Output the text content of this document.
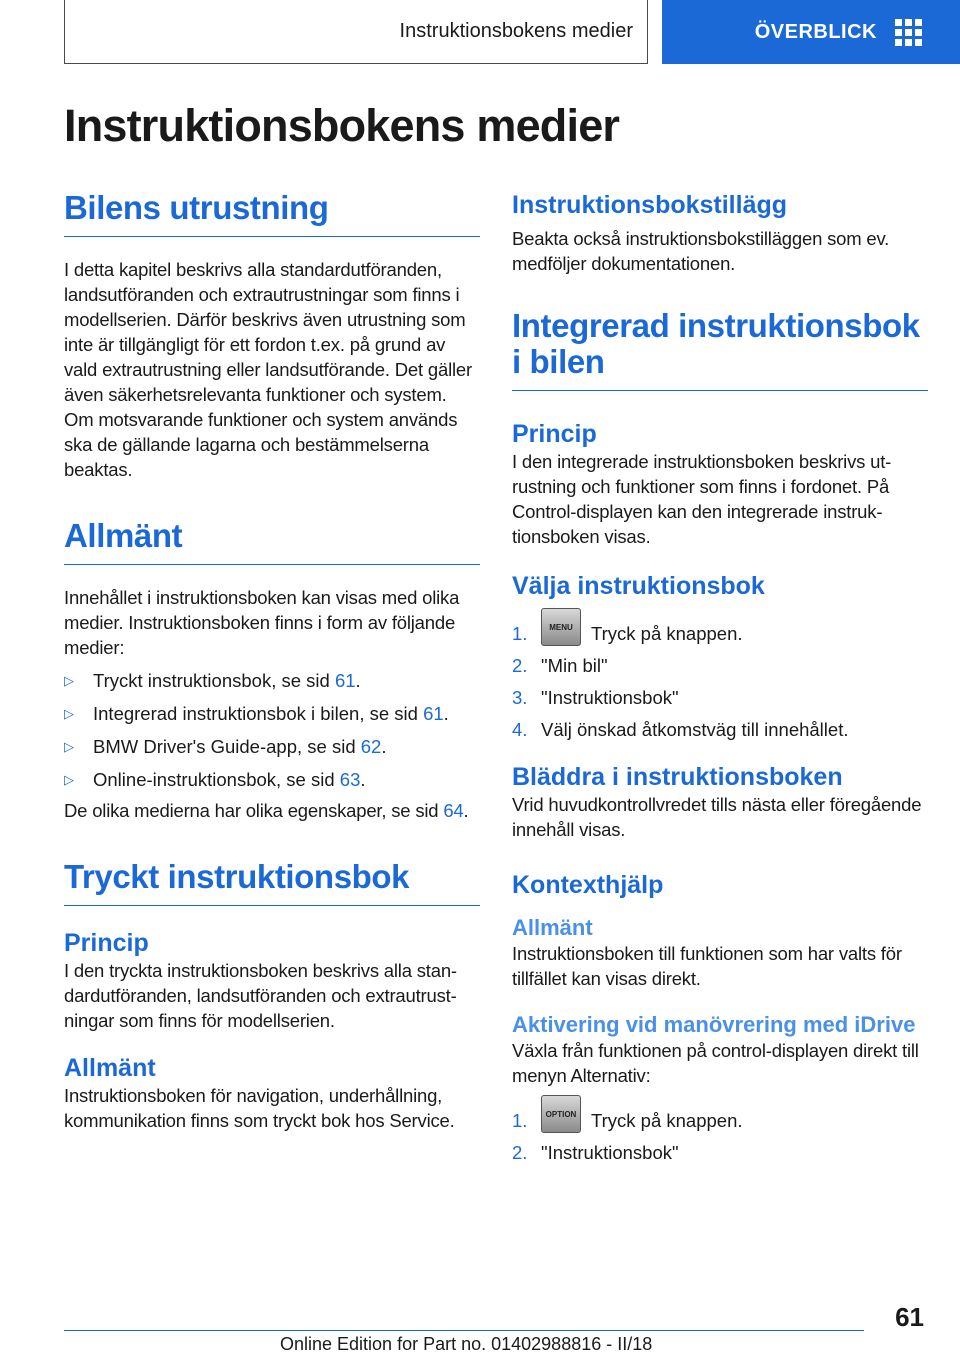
Instruktionsbokens medier	ÖVERBLICK
Instruktionsbokens medier
Bilens utrustning

I detta kapitel beskrivs alla standardutföranden, landsutföranden och extrautrustningar som finns i modellserien. Därför beskrivs även utrustning som inte är tillgängligt för ett fordon t.ex. på grund av vald extrautrustning eller landsutförande. Det gäller även säkerhetsrelevanta funktioner och system. Om motsvarande funktioner och system används ska de gällande lagarna och bestämmelserna beaktas.

Allmänt

Innehållet i instruktionsboken kan visas med olika medier. Instruktionsboken finns i form av följande medier:

▷	Tryckt instruktionsbok, se sid 61.
▷	Integrerad instruktionsbok i bilen, se sid 61.
▷	BMW Driver's Guide-app, se sid 62.
▷	Online-instruktionsbok, se sid 63.

De olika medierna har olika egenskaper, se sid 64.

Tryckt instruktionsbok
Princip

I den tryckta instruktionsboken beskrivs alla standardutföranden, landsutföranden och extrautrustningar som finns för modellserien.

Allmänt

Instruktionsboken för navigation, underhållning, kommunikation finns som tryckt bok hos Service.

Instruktionsbokstillägg

Beakta också instruktionsbokstilläggen som ev. medföljer dokumentationen.

Integrerad instruktionsbok i bilen
Princip

I den integrerade instruktionsboken beskrivs utrustning och funktioner som finns i fordonet. På Control-displayen kan den integrerade instruktionsboken visas.

Välja instruktionsbok
1.	MENU Tryck på knappen.
2. "Min bil"
3. "Instruktionsbok"
4. Välj önskad åtkomstväg till innehållet.
Bläddra i instruktionsboken

Vrid huvudkontrollvredet tills nästa eller föregående innehåll visas.

Kontexthjälp
Allmänt

Instruktionsboken till funktionen som har valts för tillfället kan visas direkt.

Aktivering vid manövrering med iDrive

Växla från funktionen på control-displayen direkt till menyn Alternativ:

1.	OPTION Tryck på knappen.
2. "Instruktionsbok"
61
Online Edition for Part no. 01402988816 - II/18
